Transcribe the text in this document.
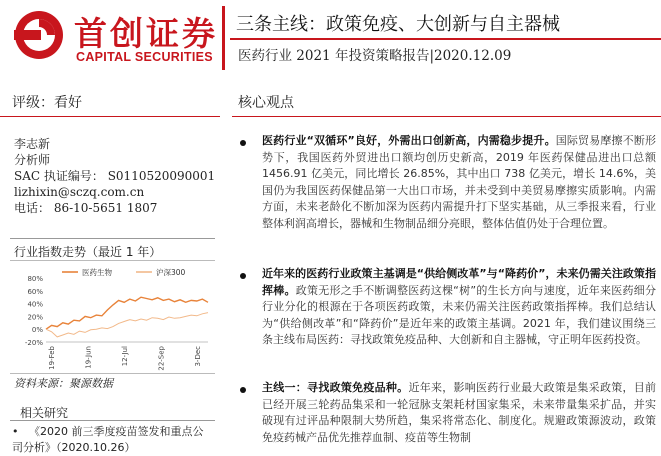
首创证券
CAPITAL SECURITIES
三条主线：政策免疫、大创新与自主器械
医药行业 2021 年投资策略报告|2020.12.09
评级：看好	核心观点
李志新
分析师
SAC 执证编号： S0110520090001
lizhixin@sczq.com.cn
电话： 86-10-5651 1807
行业指数走势（最近 1 年）
80%
60%
40%
20%
0%
-20%
19-Feb	19-Jun	12-Jul	22-Sep	3-Dec
医药生物	沪深300
资料来源：聚源数据
相关研究
•   《2020 前三季度疫苗签发和重点公司分析》（2020.10.26）
医药行业“双循环”良好，外需出口创新高，内需稳步提升。国际贸易摩擦不断形势下，我国医药外贸进出口额均创历史新高，2019 年医药保健品进出口总额 1456.91 亿美元，同比增长 26.85%，其中出口 738 亿美元，增长 14.6%，美国仍为我国医药保健品第一大出口市场，并未受到中美贸易摩擦实质影响。内需方面，未来老龄化不断加深为医药内需提升打下坚实基础，从三季报来看，行业整体利润高增长，器械和生物制品细分亮眼，整体估值仍处于合理位置。
近年来的医药行业政策主基调是“供给侧改革”与“降药价”，未来仍需关注政策指挥棒。政策无形之手不断调整医药这棵“树”的生长方向与速度，近年来医药细分行业分化的根源在于各项医药政策，未来仍需关注医药政策指挥棒。我们总结认为“供给侧改革”和“降药价”是近年来的政策主基调。2021 年，我们建议围绕三条主线布局医药：寻找政策免疫品种、大创新和自主器械，守正明年医药投资。
主线一：寻找政策免疫品种。近年来，影响医药行业最大政策是集采政策，目前已经开展三轮药品集采和一轮冠脉支架耗材国家集采，未来带量集采扩品，并实破现有过评品种限制大势所趋，集采将常态化、制度化。规避政策源波动，政策免疫药械产品优先推荐血制、疫苗等生物制
